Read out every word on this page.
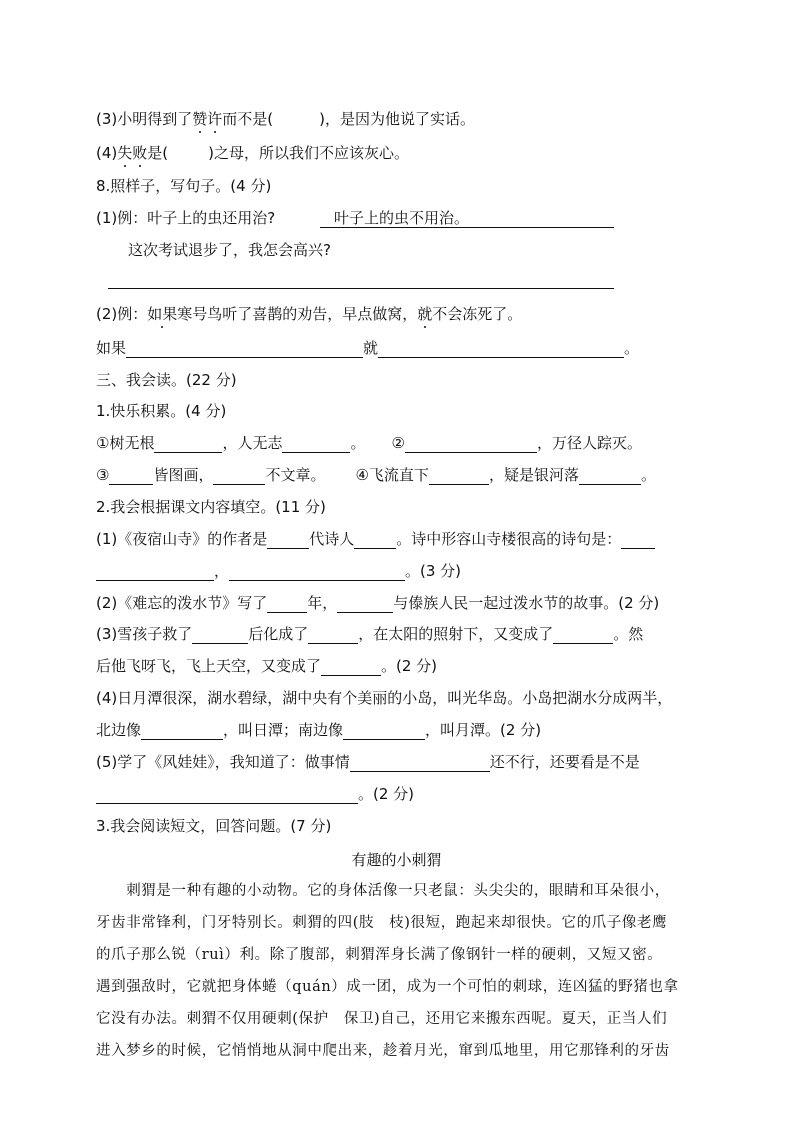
(3)小明得到了赞许而不是(	)，是因为他说了实话。
(4)失败是(	)之母，所以我们不应该灰心。
8.照样子，写句子。(4 分)
(1)例：叶子上的虫还用治?	叶子上的虫不用治。
这次考试退步了，我怎会高兴?
(2)例：如果寒号鸟听了喜鹊的劝告，早点做窝，就不会冻死了。
如果	就	。
三、我会读。(22 分)
1.快乐积累。(4 分)
①树无根	，人无志	。 ②	，万径人踪灭。
③	皆图画，	不文章。 ④飞流直下	，疑是银河落	。
2.我会根据课文内容填空。(11 分)
(1)《夜宿山寺》的作者是	代诗人	。诗中形容山寺楼很高的诗句是：
，	。(3 分)
(2)《难忘的泼水节》写了	年，	与傣族人民一起过泼水节的故事。(2 分)
(3)雪孩子救了	后化成了	，在太阳的照射下，又变成了	。然
后他飞呀飞，飞上天空，又变成了	。(2 分)
(4)日月潭很深，湖水碧绿，湖中央有个美丽的小岛，叫光华岛。小岛把湖水分成两半，
北边像	，叫日潭；南边像	，叫月潭。(2 分)
(5)学了《风娃娃》，我知道了：做事情	还不行，还要看是不是
。(2 分)
3.我会阅读短文，回答问题。(7 分)
有趣的小刺猬
　　刺猬是一种有趣的小动物。它的身体活像一只老鼠：头尖尖的，眼睛和耳朵很小，
牙齿非常锋利，门牙特别长。刺猬的四(肢　枝)很短，跑起来却很快。它的爪子像老鹰
的爪子那么锐（ruì）利。除了腹部，刺猬浑身长满了像钢针一样的硬刺，又短又密。
遇到强敌时，它就把身体蜷（quán）成一团，成为一个可怕的刺球，连凶猛的野猪也拿
它没有办法。刺猬不仅用硬刺(保护　保卫)自己，还用它来搬东西呢。夏天，正当人们
进入梦乡的时候，它悄悄地从洞中爬出来，趁着月光，窜到瓜地里，用它那锋利的牙齿
